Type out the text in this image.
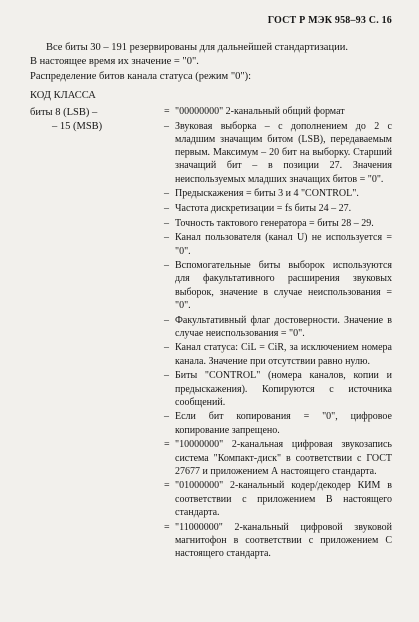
ГОСТ Р МЭК 958–93 С. 16
Все биты 30 – 191 резервированы для дальнейшей стандартизации.
В настоящее время их значение = "0".
Распределение битов канала статуса (режим "0"):
КОД КЛАССА
биты 8 (LSB) –
– 15 (MSB)
= "00000000" 2-канальный общий формат
– Звуковая выборка – с дополнением до 2 с младшим значащим битом (LSB), передаваемым первым. Максимум – 20 бит на выборку. Старший значащий бит – в позиции 27. Значения неиспользуемых младших значащих битов = "0".
– Предыскажения = биты 3 и 4 "CONTROL".
– Частота дискретизации = fs биты 24 – 27.
– Точность тактового генератора = биты 28 – 29.
– Канал пользователя (канал U) не используется = "0".
– Вспомогательные биты выборок используются для факультативного расширения звуковых выборок, значение в случае неиспользования = "0".
– Факультативный флаг достоверности. Значение в случае неиспользования = "0".
– Канал статуса: CiL = CiR, за исключением номера канала. Значение при отсутствии равно нулю.
– Биты "CONTROL" (номера каналов, копии и предыскажения). Копируются с источника сообщений.
– Если бит копирования = "0", цифровое копирование запрещено.
= "10000000" 2-канальная цифровая звукозапись система "Компакт-диск" в соответствии с ГОСТ 27677 и приложением А настоящего стандарта.
= "01000000" 2-канальный кодер/декодер КИМ в соответствии с приложением В настоящего стандарта.
= "11000000" 2-канальный цифровой звуковой магнитофон в соответствии с приложением С настоящего стандарта.
